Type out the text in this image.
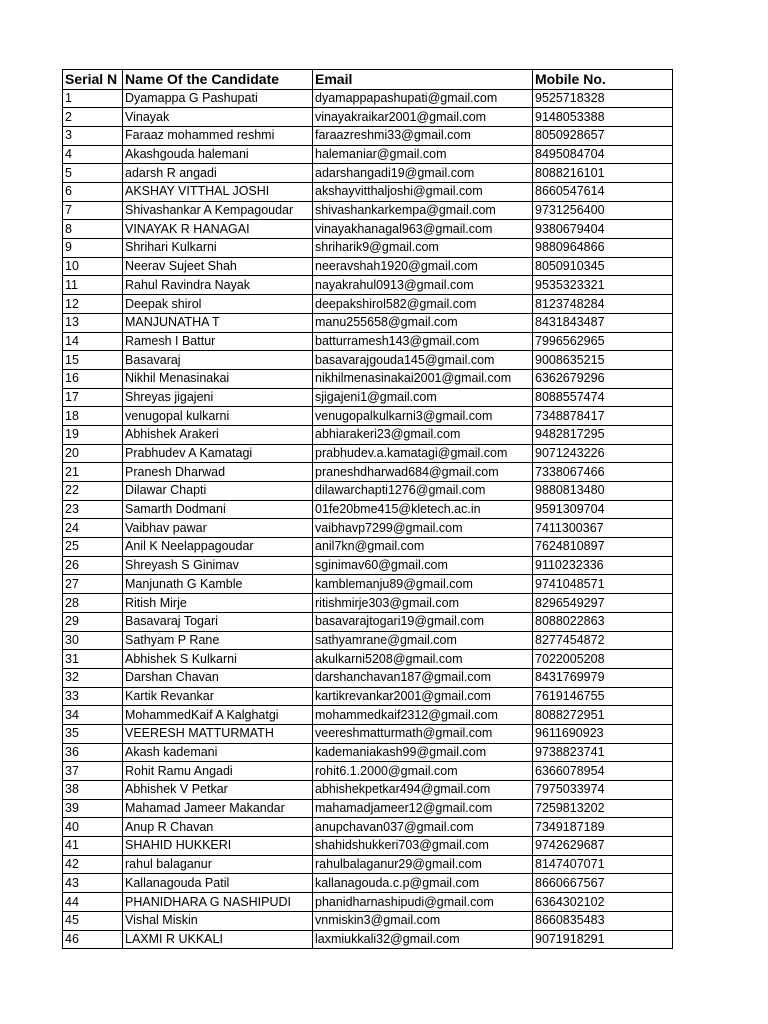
Serial N	Name Of the Candidate	Email	Mobile No.
1	Dyamappa G Pashupati	dyamappapashupati@gmail.com	9525718328
2	Vinayak	vinayakraikar2001@gmail.com	9148053388
3	Faraaz mohammed reshmi	faraazreshmi33@gmail.com	8050928657
4	Akashgouda halemani	halemaniar@gmail.com	8495084704
5	adarsh R angadi	adarshangadi19@gmail.com	8088216101
6	AKSHAY VITTHAL JOSHI	akshayvitthaljoshi@gmail.com	8660547614
7	Shivashankar A Kempagoudar	shivashankarkempa@gmail.com	9731256400
8	VINAYAK R HANAGAI	vinayakhanagal963@gmail.com	9380679404
9	Shrihari Kulkarni	shriharik9@gmail.com	9880964866
10	Neerav Sujeet Shah	neeravshah1920@gmail.com	8050910345
11	Rahul Ravindra Nayak	nayakrahul0913@gmail.com	9535323321
12	Deepak shirol	deepakshirol582@gmail.com	8123748284
13	MANJUNATHA T	manu255658@gmail.com	8431843487
14	Ramesh I Battur	batturramesh143@gmail.com	7996562965
15	Basavaraj	basavarajgouda145@gmail.com	9008635215
16	Nikhil Menasinakai	nikhilmenasinakai2001@gmail.com	6362679296
17	Shreyas jigajeni	sjigajeni1@gmail.com	8088557474
18	venugopal kulkarni	venugopalkulkarni3@gmail.com	7348878417
19	Abhishek Arakeri	abhiarakeri23@gmail.com	9482817295
20	Prabhudev A Kamatagi	prabhudev.a.kamatagi@gmail.com	9071243226
21	Pranesh Dharwad	praneshdharwad684@gmail.com	7338067466
22	Dilawar Chapti	dilawarchapti1276@gmail.com	9880813480
23	Samarth Dodmani	01fe20bme415@kletech.ac.in	9591309704
24	Vaibhav pawar	vaibhavp7299@gmail.com	7411300367
25	Anil K Neelappagoudar	anil7kn@gmail.com	7624810897
26	Shreyash S Ginimav	sginimav60@gmail.com	9110232336
27	Manjunath G Kamble	kamblemanju89@gmail.com	9741048571
28	Ritish Mirje	ritishmirje303@gmail.com	8296549297
29	Basavaraj Togari	basavarajtogari19@gmail.com	8088022863
30	Sathyam P Rane	sathyamrane@gmail.com	8277454872
31	Abhishek S Kulkarni	akulkarni5208@gmail.com	7022005208
32	Darshan Chavan	darshanchavan187@gmail.com	8431769979
33	Kartik Revankar	kartikrevankar2001@gmail.com	7619146755
34	MohammedKaif A Kalghatgi	mohammedkaif2312@gmail.com	8088272951
35	VEERESH MATTURMATH	veereshmatturmath@gmail.com	9611690923
36	Akash kademani	kademaniakash99@gmail.com	9738823741
37	Rohit Ramu Angadi	rohit6.1.2000@gmail.com	6366078954
38	Abhishek V Petkar	abhishekpetkar494@gmail.com	7975033974
39	Mahamad Jameer Makandar	mahamadjameer12@gmail.com	7259813202
40	Anup R Chavan	anupchavan037@gmail.com	7349187189
41	SHAHID HUKKERI	shahidshukkeri703@gmail.com	9742629687
42	rahul balaganur	rahulbalaganur29@gmail.com	8147407071
43	Kallanagouda Patil	kallanagouda.c.p@gmail.com	8660667567
44	PHANIDHARA G NASHIPUDI	phanidharnashipudi@gmail.com	6364302102
45	Vishal Miskin	vnmiskin3@gmail.com	8660835483
46	LAXMI R UKKALI	laxmiukkali32@gmail.com	9071918291
